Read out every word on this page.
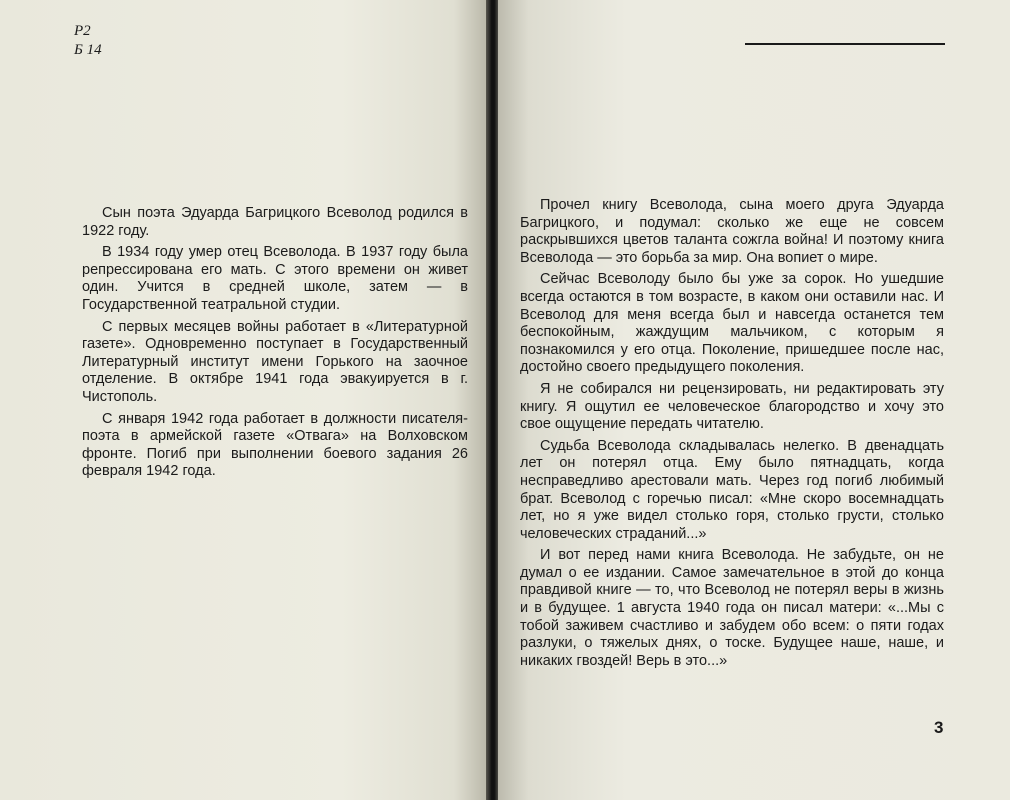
Р2
Б 14

Сын поэта Эдуарда Багрицкого Всеволод родился в 1922 году.

В 1934 году умер отец Всеволода. В 1937 году была репрессирована его мать. С этого времени он живет один. Учится в средней школе, затем — в Государственной театральной студии.

С первых месяцев войны работает в «Литературной газете». Одновременно поступает в Государственный Литературный институт имени Горького на заочное отделение. В октябре 1941 года эвакуируется в г. Чистополь.

С января 1942 года работает в должности писателя-поэта в армейской газете «Отвага» на Волховском фронте. Погиб при выполнении боевого задания 26 февраля 1942 года.

Прочел книгу Всеволода, сына моего друга Эдуарда Багрицкого, и подумал: сколько же еще не совсем раскрывшихся цветов таланта сожгла война! И поэтому книга Всеволода — это борьба за мир. Она вопиет о мире.

Сейчас Всеволоду было бы уже за сорок. Но ушедшие всегда остаются в том возрасте, в каком они оставили нас. И Всеволод для меня всегда был и навсегда останется тем беспокойным, жаждущим мальчиком, с которым я познакомился у его отца. Поколение, пришедшее после нас, достойно своего предыдущего поколения.

Я не собирался ни рецензировать, ни редактировать эту книгу. Я ощутил ее человеческое благородство и хочу это свое ощущение передать читателю.

Судьба Всеволода складывалась нелегко. В двенадцать лет он потерял отца. Ему было пятнадцать, когда несправедливо арестовали мать. Через год погиб любимый брат. Всеволод с горечью писал: «Мне скоро восемнадцать лет, но я уже видел столько горя, столько грусти, столько человеческих страданий...»

И вот перед нами книга Всеволода. Не забудьте, он не думал о ее издании. Самое замечательное в этой до конца правдивой книге — то, что Всеволод не потерял веры в жизнь и в будущее. 1 августа 1940 года он писал матери: «...Мы с тобой заживем счастливо и забудем обо всем: о пяти годах разлуки, о тяжелых днях, о тоске. Будущее наше, наше, и никаких гвоздей! Верь в это...»

3
